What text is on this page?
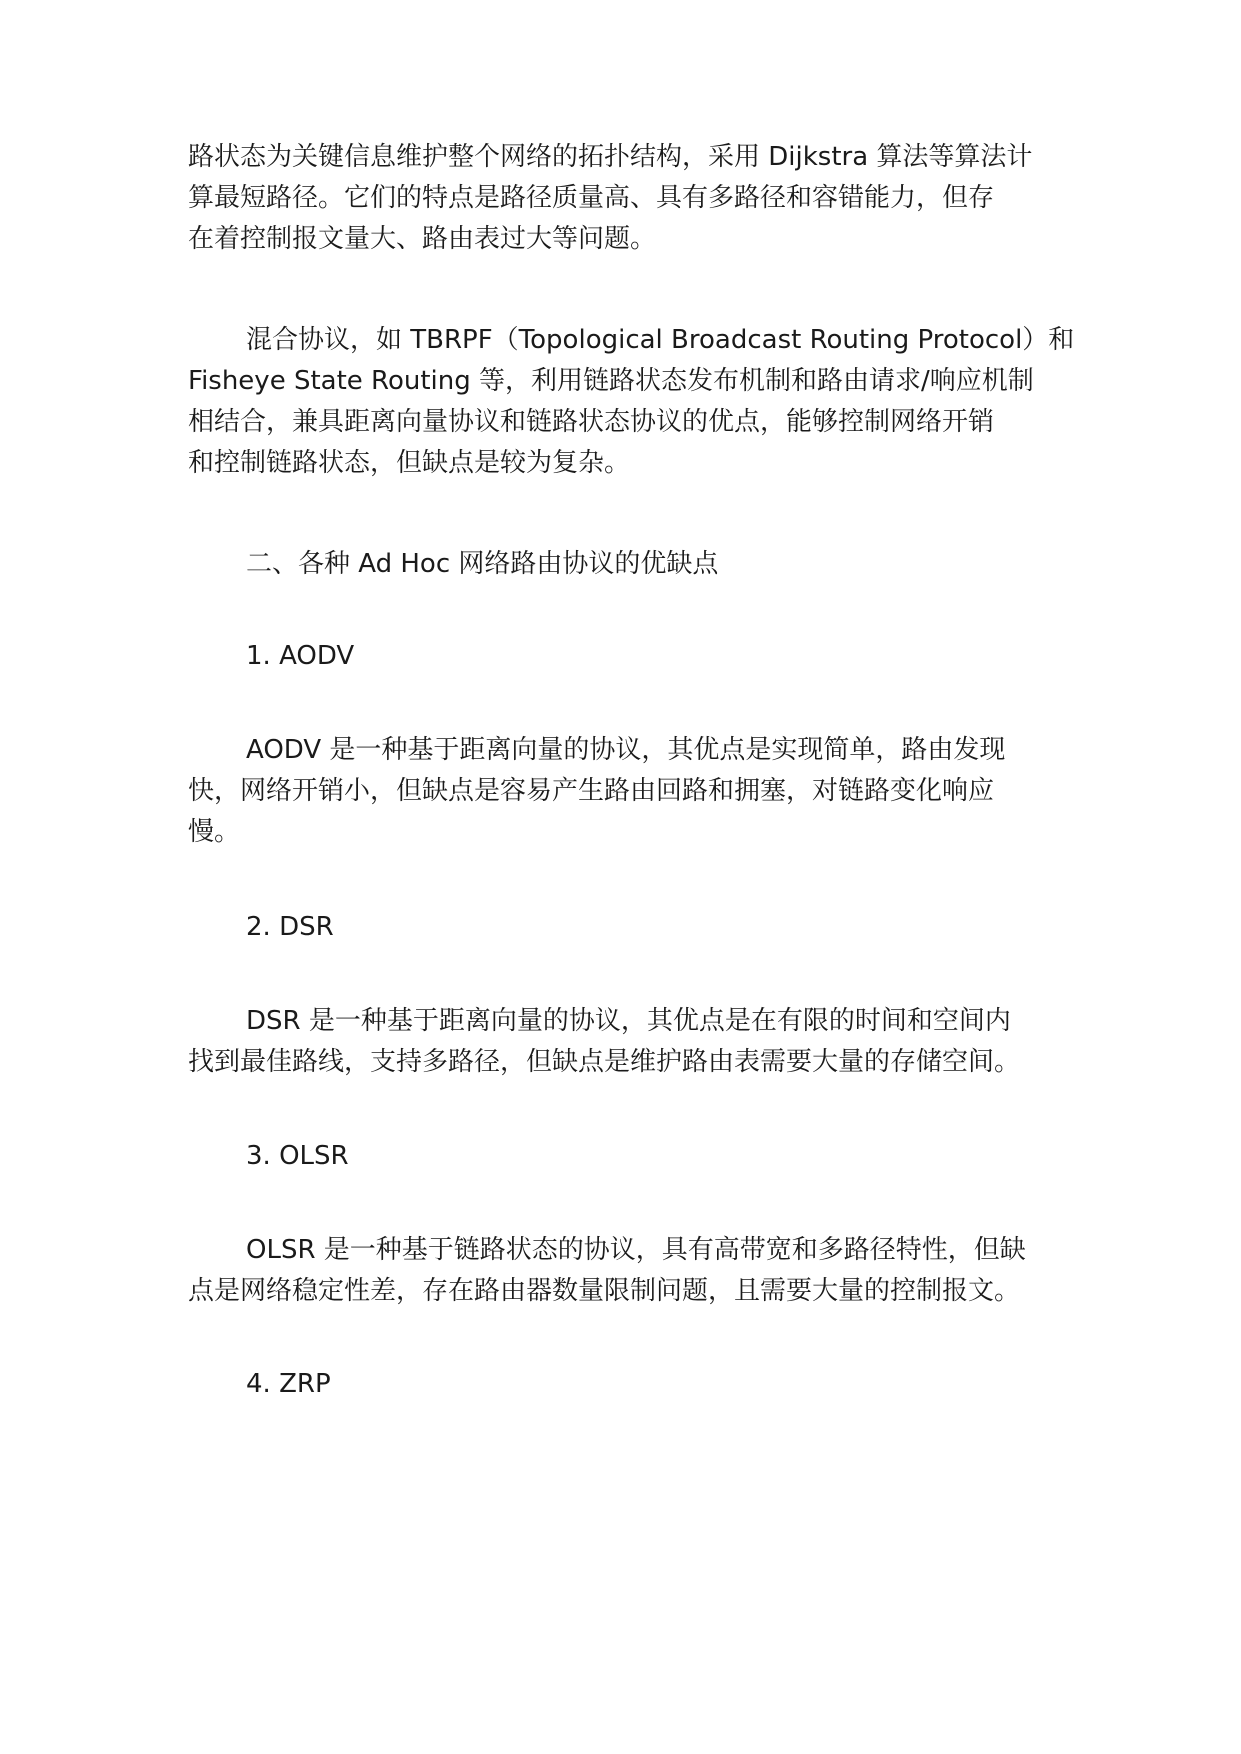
路状态为关键信息维护整个网络的拓扑结构，采用 Dijkstra 算法等算法计

算最短路径。它们的特点是路径质量高、具有多路径和容错能力，但存

在着控制报文量大、路由表过大等问题。

混合协议，如 TBRPF（Topological Broadcast Routing Protocol）和

Fisheye State Routing 等，利用链路状态发布机制和路由请求/响应机制

相结合，兼具距离向量协议和链路状态协议的优点，能够控制网络开销

和控制链路状态，但缺点是较为复杂。

二、各种 Ad Hoc 网络路由协议的优缺点

1. AODV

AODV 是一种基于距离向量的协议，其优点是实现简单，路由发现

快，网络开销小，但缺点是容易产生路由回路和拥塞，对链路变化响应

慢。

2. DSR

DSR 是一种基于距离向量的协议，其优点是在有限的时间和空间内

找到最佳路线，支持多路径，但缺点是维护路由表需要大量的存储空间。

3. OLSR

OLSR 是一种基于链路状态的协议，具有高带宽和多路径特性，但缺

点是网络稳定性差，存在路由器数量限制问题，且需要大量的控制报文。

4. ZRP
